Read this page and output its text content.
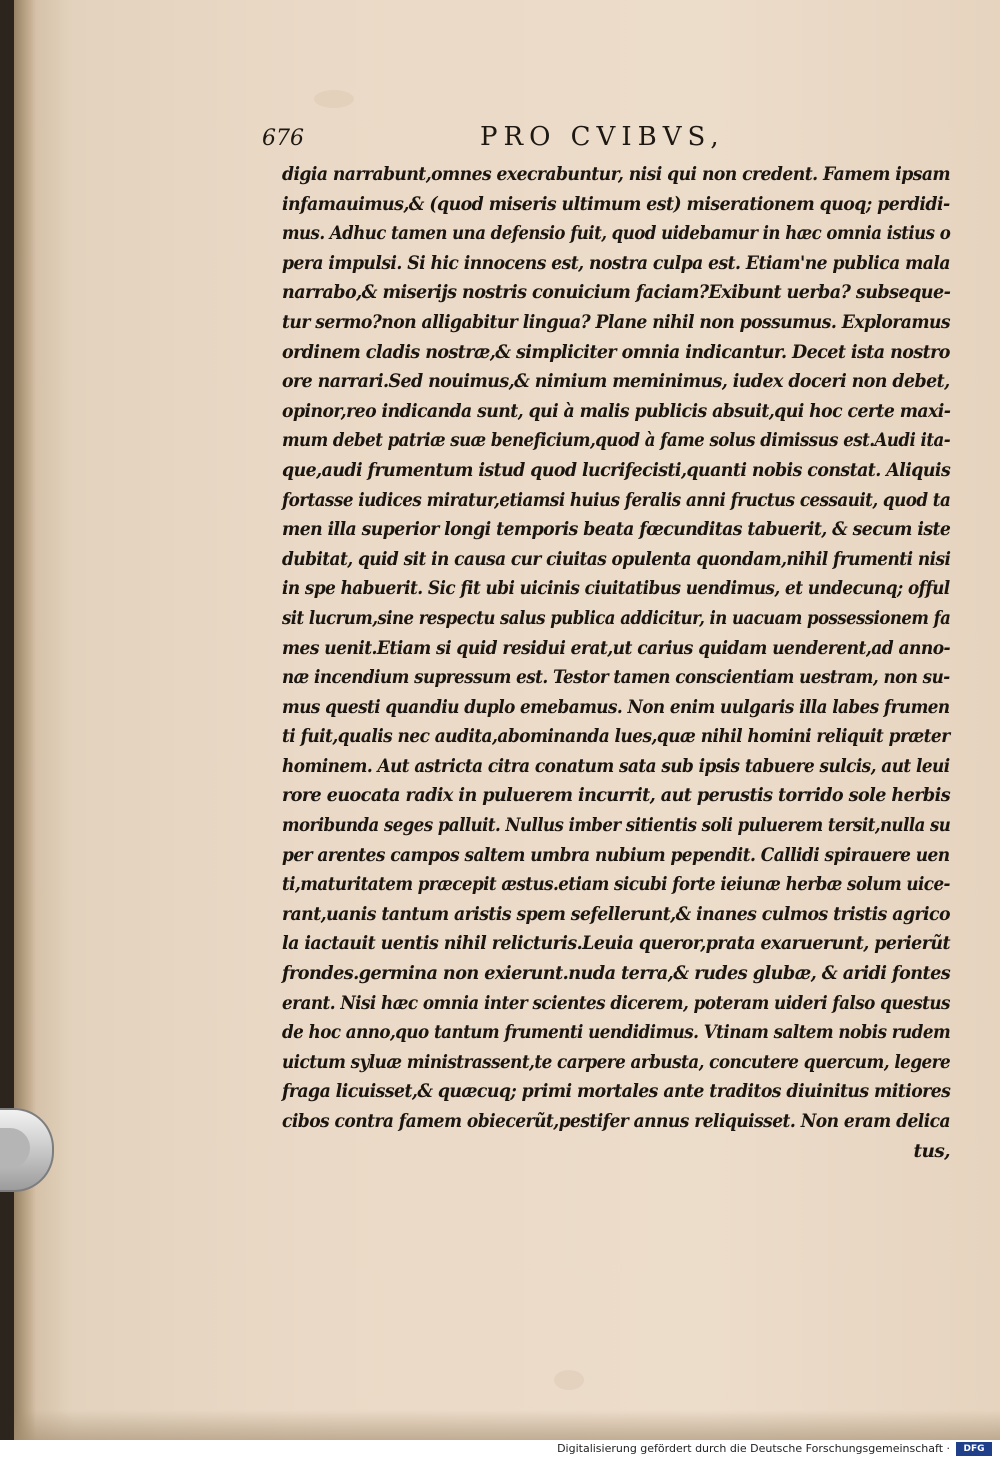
676	PRO CVIBVS,
digia narrabunt,omnes execrabuntur, nisi qui non credent. Famem ipsam
infamauimus,& (quod miseris ultimum est) miserationem quoq; perdidi-
mus. Adhuc tamen una defensio fuit, quod uidebamur in hæc omnia istius o
pera impulsi. Si hic innocens est, nostra culpa est. Etiam'ne publica mala
narrabo,& miserijs nostris conuicium faciam?Exibunt uerba? subseque-
tur sermo?non alligabitur lingua? Plane nihil non possumus. Exploramus
ordinem cladis nostræ,& simpliciter omnia indicantur. Decet ista nostro
ore narrari.Sed nouimus,& nimium meminimus, iudex doceri non debet,
opinor,reo indicanda sunt, qui à malis publicis absuit,qui hoc certe maxi-
mum debet patriæ suæ beneficium,quod à fame solus dimissus est.Audi ita-
que,audi frumentum istud quod lucrifecisti,quanti nobis constat. Aliquis
fortasse iudices miratur,etiamsi huius feralis anni fructus cessauit, quod ta
men illa superior longi temporis beata fœcunditas tabuerit, & secum iste
dubitat, quid sit in causa cur ciuitas opulenta quondam,nihil frumenti nisi
in spe habuerit. Sic fit ubi uicinis ciuitatibus uendimus, et undecunq; offul
sit lucrum,sine respectu salus publica addicitur, in uacuam possessionem fa
mes uenit.Etiam si quid residui erat,ut carius quidam uenderent,ad anno-
næ incendium supressum est. Testor tamen conscientiam uestram, non su-
mus questi quandiu duplo emebamus. Non enim uulgaris illa labes frumen
ti fuit,qualis nec audita,abominanda lues,quæ nihil homini reliquit præter
hominem. Aut astricta citra conatum sata sub ipsis tabuere sulcis, aut leui
rore euocata radix in puluerem incurrit, aut perustis torrido sole herbis
moribunda seges palluit. Nullus imber sitientis soli puluerem tersit,nulla su
per arentes campos saltem umbra nubium pependit. Callidi spirauere uen
ti,maturitatem præcepit æstus.etiam sicubi forte ieiunæ herbæ solum uice-
rant,uanis tantum aristis spem sefellerunt,& inanes culmos tristis agrico
la iactauit uentis nihil relicturis.Leuia queror,prata exaruerunt, perierũt
frondes.germina non exierunt.nuda terra,& rudes glubæ, & aridi fontes
erant. Nisi hæc omnia inter scientes dicerem, poteram uideri falso questus
de hoc anno,quo tantum frumenti uendidimus. Vtinam saltem nobis rudem
uictum syluæ ministrassent,te carpere arbusta, concutere quercum, legere
fraga licuisset,& quæcuq; primi mortales ante traditos diuinitus mitiores
cibos contra famem obiecerũt,pestifer annus reliquisset. Non eram delica
tus,
Digitalisierung gefördert durch die Deutsche Forschungsgemeinschaft ·	DFG
